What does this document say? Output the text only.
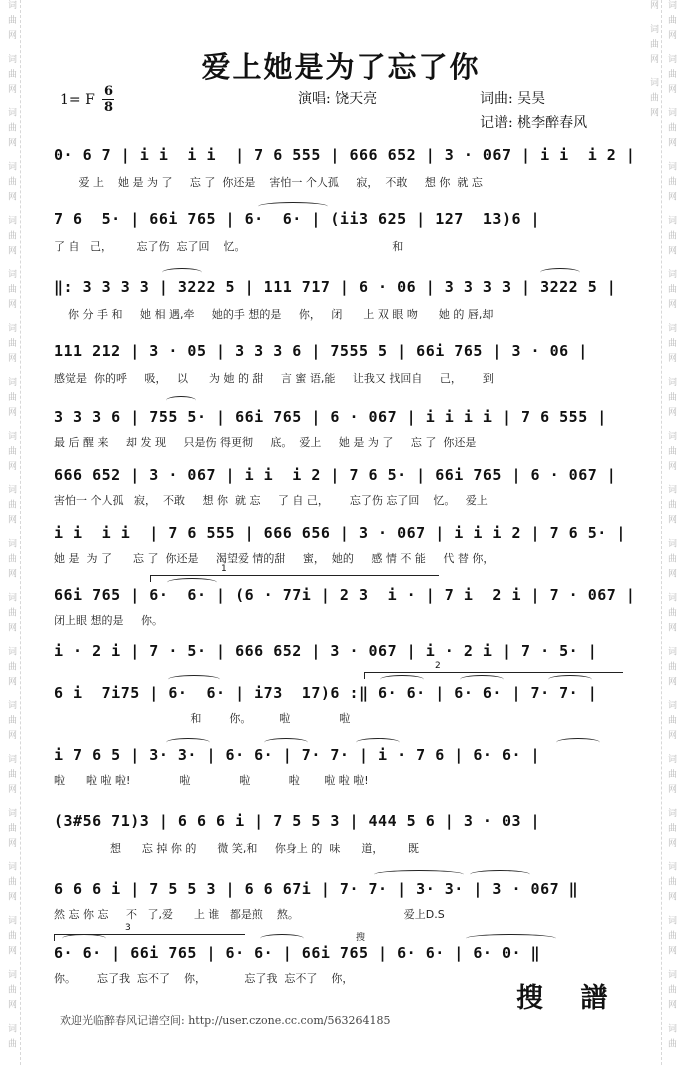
词曲网 词曲网 词曲网 词曲网 词曲网 词曲网 词曲网 词曲网 词曲网 词曲网 词曲网 词曲网 词曲网 词曲网 词曲网 词曲网 词曲网 词曲网 词曲网 词曲	词曲网 词曲网 词曲网 词曲网 词曲网 词曲网 词曲网 词曲网 词曲网 词曲网 词曲网 词曲网 词曲网 词曲网 词曲网 词曲网 词曲网 词曲网 词曲网 词曲网 词曲网 词曲网
爱上她是为了忘了你
1= F
6
8
演唱: 饶天亮	词曲: 吴昊
记谱: 桃李醉春风
0· 6 7 | i i  i i  | 7 6 555 | 666 652 | 3 · 067 | i i  i 2 |
爱 上    她 是 为 了     忘 了  你还是    害怕一 个人孤     寂，  不敢     想 你  就 忘
7 6  5· | 66i 765 | 6·  6· | (ii3 625 | 127  13)6 |
了 自   己，       忘了伤  忘了回    忆。                                          和
‖: 3 3 3 3 | 3222 5 | 111 717 | 6 · 06 | 3 3 3 3 | 3222 5 |
你 分 手 和     她 相 遇,牵     她的手 想的是     你，   闭      上 双 眼 吻      她 的 唇,却
111 212 | 3 · 05 | 3 3 3 6 | 7555 5 | 66i 765 | 3 · 06 |
感觉是  你的呼     吸，   以      为 她 的 甜     言 蜜 语,能     让我又 找回自     己，      到
3 3 3 6 | 755 5· | 66i 765 | 6 · 067 | i i i i | 7 6 555 |
最 后 醒 来     却 发 现     只是伤 得更彻     底。  爱上     她 是 为 了     忘 了  你还是
666 652 | 3 · 067 | i i  i 2 | 7 6 5· | 66i 765 | 6 · 067 |
害怕一 个人孤   寂，  不敢     想 你  就 忘     了 自 己，      忘了伤 忘了回    忆。   爱上
i i  i i  | 7 6 555 | 666 656 | 3 · 067 | i i i 2 | 7 6 5· |
她 是  为 了      忘 了  你还是     渴望爱 情的甜     蜜，  她的     感 情 不 能     代 替 你，
66i 765 | 6·  6· | (6 · 77i | 2 3  i · | 7 i  2 i | 7 · 067 |
闭上眼 想的是     你。
i · 2 i | 7 · 5· | 666 652 | 3 · 067 | i · 2 i | 7 · 5· |
6 i  7i75 | 6·  6· | i73  17)6 :‖ 6· 6· | 6· 6· | 7· 7· |
和        你。        啦              啦
i 7 6 5 | 3· 3· | 6· 6· | 7· 7· | i · 7 6 | 6· 6· |
啦      啦 啦 啦!              啦              啦           啦       啦 啦 啦!
(3#56 71)3 | 6 6 6 i | 7 5 5 3 | 444 5 6 | 3 · 03 |
想      忘 掉 你 的      微 笑,和     你身上 的  味      道，       既
6 6 6 i | 7 5 5 3 | 6 6 67i | 7· 7· | 3· 3· | 3 · 067 ‖
然 忘 你 忘     不   了,爱      上 谁   都是煎    熬。                              爱上D.S
6· 6· | 66i 765 | 6· 6· | 66i 765 | 6· 6· | 6· 0· ‖
你。      忘了我  忘不了    你，           忘了我  忘不了    你，
1
2
3
搜
搜 譜
欢迎光临醉春风记谱空间: http://user.czone.cc.com/563264185
